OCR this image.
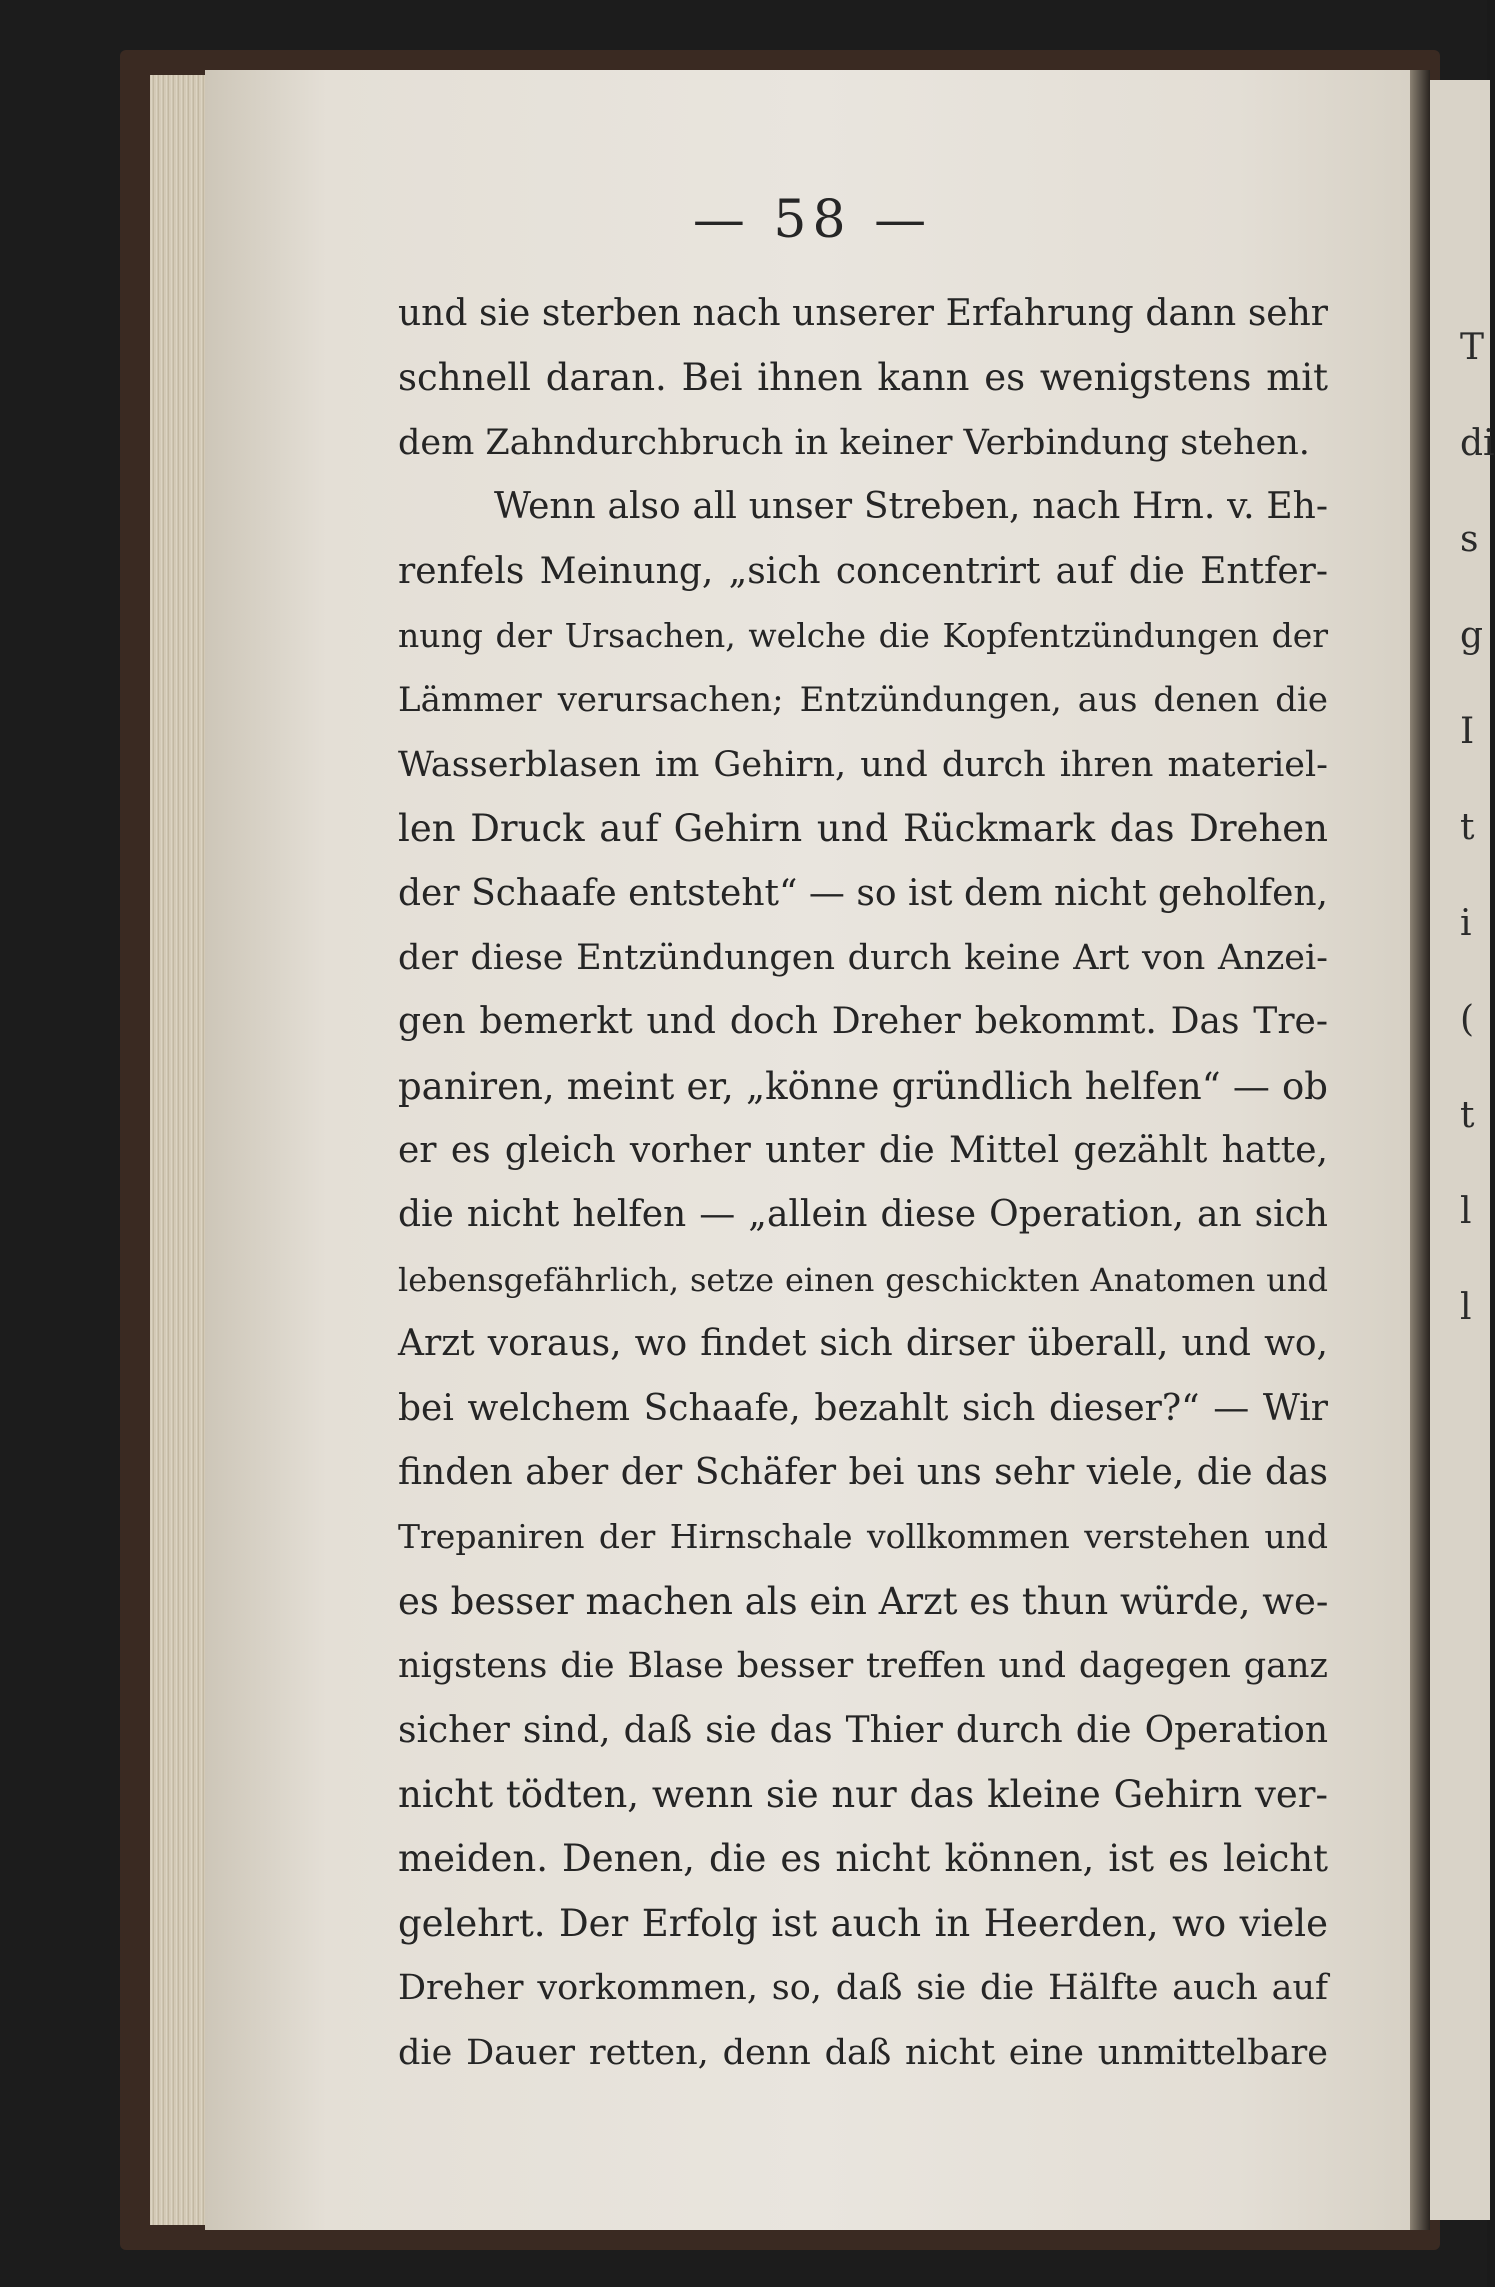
T
di
s
g
I
t
i
(
t
l
l
— 58 —
und sie sterben nach unserer Erfahrung dann sehr
schnell daran. Bei ihnen kann es wenigstens mit
dem Zahndurchbruch in keiner Verbindung stehen.
Wenn also all unser Streben, nach Hrn. v. Eh-
renfels Meinung, „sich concentrirt auf die Entfer-
nung der Ursachen, welche die Kopfentzündungen der
Lämmer verursachen; Entzündungen, aus denen die
Wasserblasen im Gehirn, und durch ihren materiel-
len Druck auf Gehirn und Rückmark das Drehen
der Schaafe entsteht“ — so ist dem nicht geholfen,
der diese Entzündungen durch keine Art von Anzei-
gen bemerkt und doch Dreher bekommt. Das Tre-
paniren, meint er, „könne gründlich helfen“ — ob
er es gleich vorher unter die Mittel gezählt hatte,
die nicht helfen — „allein diese Operation, an sich
lebensgefährlich, setze einen geschickten Anatomen und
Arzt voraus, wo findet sich dirser überall, und wo,
bei welchem Schaafe, bezahlt sich dieser?“ — Wir
finden aber der Schäfer bei uns sehr viele, die das
Trepaniren der Hirnschale vollkommen verstehen und
es besser machen als ein Arzt es thun würde, we-
nigstens die Blase besser treffen und dagegen ganz
sicher sind, daß sie das Thier durch die Operation
nicht tödten, wenn sie nur das kleine Gehirn ver-
meiden. Denen, die es nicht können, ist es leicht
gelehrt. Der Erfolg ist auch in Heerden, wo viele
Dreher vorkommen, so, daß sie die Hälfte auch auf
die Dauer retten, denn daß nicht eine unmittelbare
